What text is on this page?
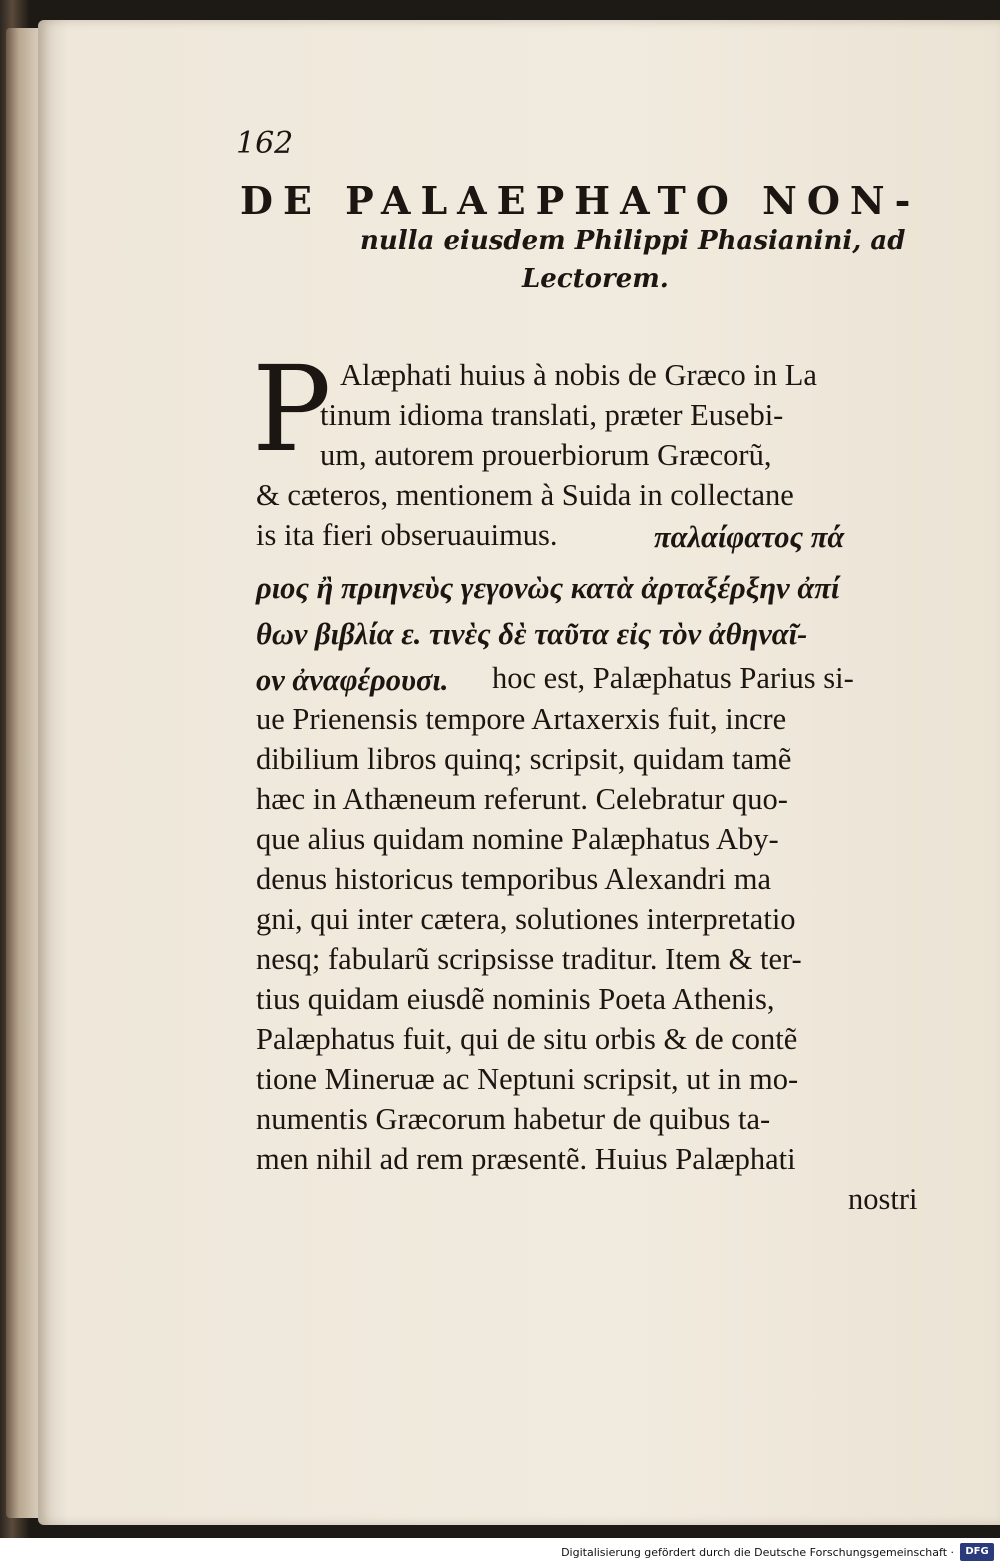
162
DE PALAEPHATO NON-
nulla eiusdem Philippi Phasianini, ad
Lectorem.
P Alæphati huius à nobis de Græco in La
tinum idioma translati, præter Eusebi-
um, autorem prouerbiorum Græcorũ,
& cæteros, mentionem à Suida in collectane
is ita fieri obseruauimus.	παλαίφατος πά
ριος ἢ πριηνεὺς γεγονὼς κατὰ ἀρταξέρξην ἀπί
θων βιβλία ε. τινὲς δὲ ταῦτα εἰς τὸν ἀθηναῖ-
ον ἀναφέρουσι. hoc est, Palæphatus Parius si-
ue Prienensis tempore Artaxerxis fuit, incre
dibilium libros quinq; scripsit, quidam tamẽ
hæc in Athæneum referunt. Celebratur quo-
que alius quidam nomine Palæphatus Aby-
denus historicus temporibus Alexandri ma
gni, qui inter cætera, solutiones interpretatio
nesq; fabularũ scripsisse traditur. Item & ter-
tius quidam eiusdẽ nominis Poeta Athenis,
Palæphatus fuit, qui de situ orbis & de contẽ
tione Mineruæ ac Neptuni scripsit, ut in mo-
numentis Græcorum habetur de quibus ta-
men nihil ad rem præsentẽ. Huius Palæphati
nostri
Digitalisierung gefördert durch die Deutsche Forschungsgemeinschaft ·	DFG
